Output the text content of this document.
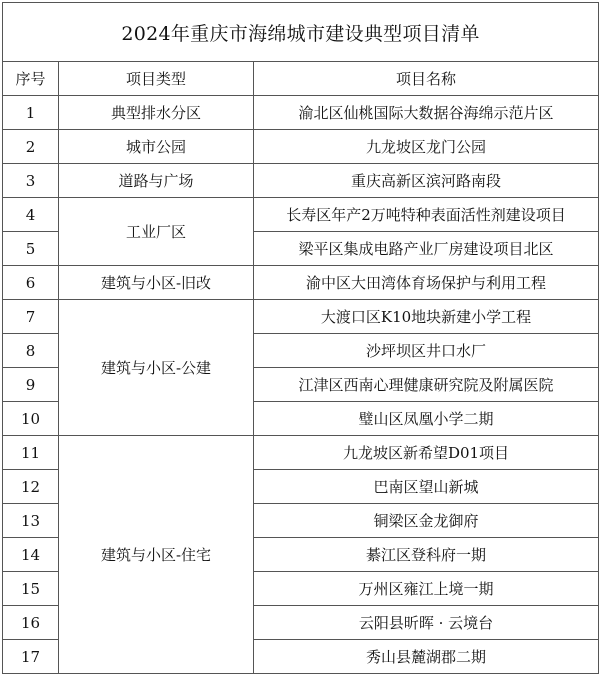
2024年重庆市海绵城市建设典型项目清单		
序号	项目类型	项目名称
1	典型排水分区	渝北区仙桃国际大数据谷海绵示范片区
2	城市公园	九龙坡区龙门公园
3	道路与广场	重庆高新区滨河路南段
4	工业厂区	长寿区年产2万吨特种表面活性剂建设项目
5		梁平区集成电路产业厂房建设项目北区
6	建筑与小区-旧改	渝中区大田湾体育场保护与利用工程
7	建筑与小区-公建	大渡口区K10地块新建小学工程
8		沙坪坝区井口水厂
9		江津区西南心理健康研究院及附属医院
10		璧山区凤凰小学二期
11	建筑与小区-住宅	九龙坡区新希望D01项目
12		巴南区望山新城
13		铜梁区金龙御府
14		綦江区登科府一期
15		万州区雍江上境一期
16		云阳县昕晖 · 云境台
17		秀山县麓湖郡二期
